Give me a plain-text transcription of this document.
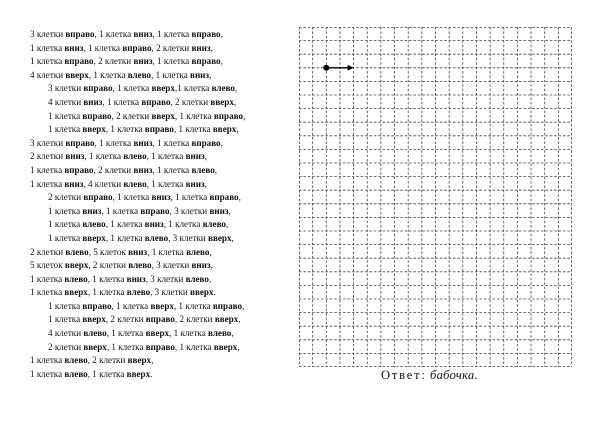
3 клетки вправо, 1 клетка вниз, 1 клетка вправо,
1 клетка вниз, 1 клетка вправо, 2 клетки вниз,
1 клетка вправо, 2 клетки вниз, 1 клетка вправо,
4 клетки вверх, 1 клетка влево, 1 клетка вниз,
3 клетки вправо, 1 клетка вверх,1 клетка влево,
4 клетки вниз, 1 клетка вправо, 2 клетки вверх,
1 клетка вправо, 2 клетки вверх, 1 клетка вправо,
1 клетка вверх, 1 клетка вправо, 1 клетка вверх,
3 клетки вправо, 1 клетка вниз, 1 клетка вправо,
2 клетки вниз, 1 клетка влево, 1 клетка вниз,
1 клетка вправо, 2 клетки вниз, 1 клетка влево,
1 клетка вниз, 4 клетки влево, 1 клетка вниз,
2 клетки вправо, 1 клетка вниз, 1 клетка вправо,
1 клетка вниз, 1 клетка вправо, 3 клетки вниз,
1 клетка влево, 1 клетка вниз, 1 клетка влево,
1 клетка вверх, 1 клетка влево, 3 клетки вверх,
2 клетки влево, 5 клеток вниз, 1 клетка влево,
5 клеток вверх, 2 клетки влево, 3 клетки вниз,
1 клетка влево, 1 клетка вниз, 3 клетки влево,
1 клетка вверх, 1 клетка влево, 3 клетки вверх.
1 клетка вправо, 1 клетка вверх, 1 клетка вправо,
1 клетка вверх, 2 клетки вправо, 2 клетки вверх,
4 клетки влево, 1 клетка вверх, 1 клетка влево,
2 клетки вверх, 1 клетка вправо, 1 клетка вверх,
1 клетка влево, 2 клетки вверх,
1 клетка влево, 1 клетка вверх.	Ответ: бабочка.
